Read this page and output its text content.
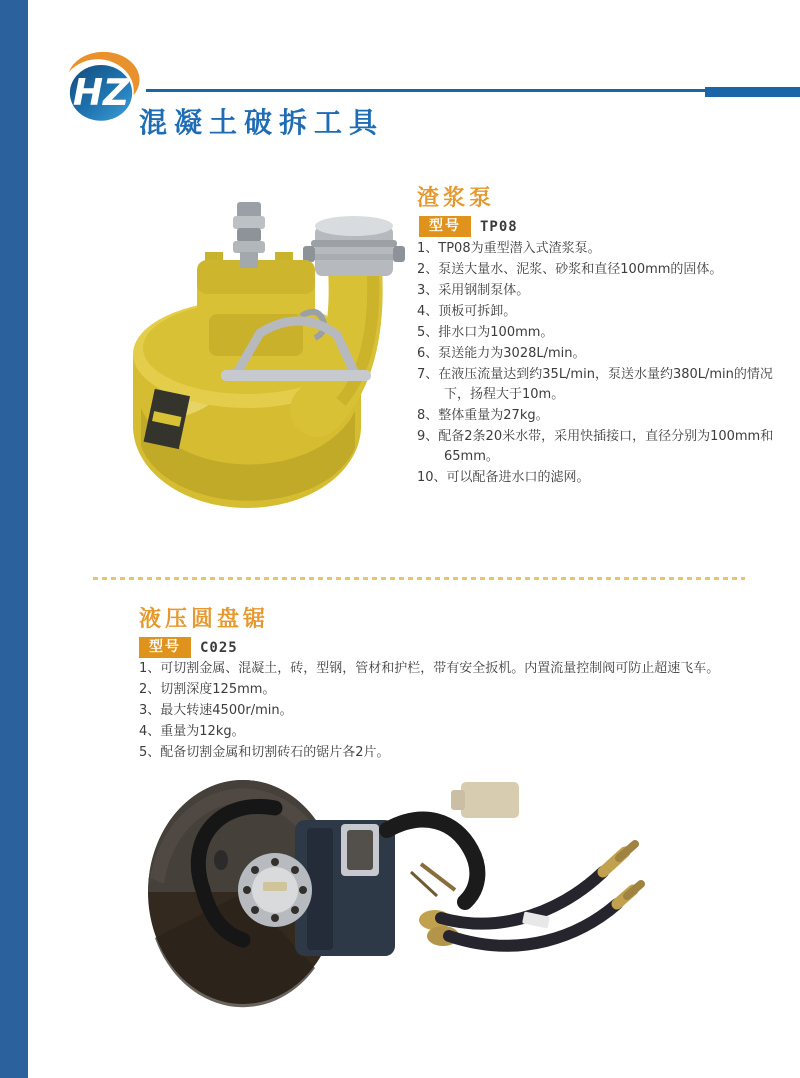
HZ
混凝土破拆工具
渣浆泵
型号	TP08
1、TP08为重型潜入式渣浆泵。
2、泵送大量水、泥浆、砂浆和直径100mm的固体。
3、采用钢制泵体。
4、顶板可拆卸。
5、排水口为100mm。
6、泵送能力为3028L/min。
7、在液压流量达到约35L/min，泵送水量约380L/min的情况下，扬程大于10m。
8、整体重量为27kg。
9、配备2条20米水带，采用快插接口，直径分别为100mm和65mm。
10、可以配备进水口的滤网。
液压圆盘锯
型号	C025
1、可切割金属、混凝土，砖，型钢，管材和护栏，带有安全扳机。内置流量控制阀可防止超速飞车。
2、切割深度125mm。
3、最大转速4500r/min。
4、重量为12kg。
5、配备切割金属和切割砖石的锯片各2片。
